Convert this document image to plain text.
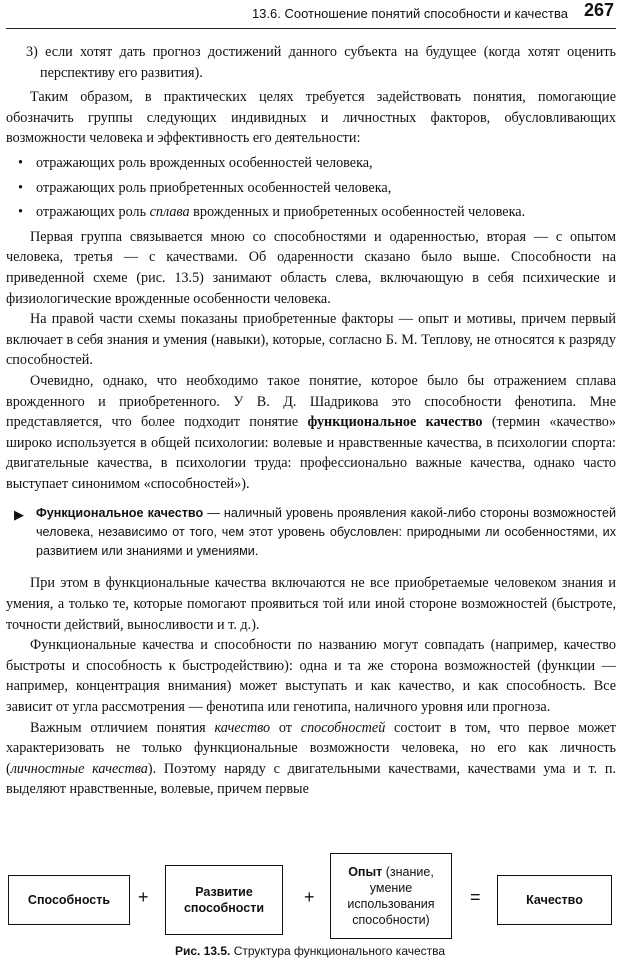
13.6. Соотношение понятий способности и качества 267

3) если хотят дать прогноз достижений данного субъекта на будущее (когда хотят оценить перспективу его развития).

Таким образом, в практических целях требуется задействовать понятия, помогающие обозначить группы следующих индивидных и личностных факторов, обусловливающих возможности человека и эффективность его деятельности:

• отражающих роль врожденных особенностей человека,
• отражающих роль приобретенных особенностей человека,
• отражающих роль сплава врожденных и приобретенных особенностей человека.

Первая группа связывается мною со способностями и одаренностью, вторая — с опытом человека, третья — с качествами. Об одаренности сказано было выше. Способности на приведенной схеме (рис. 13.5) занимают область слева, включающую в себя психические и физиологические врожденные особенности человека.

На правой части схемы показаны приобретенные факторы — опыт и мотивы, причем первый включает в себя знания и умения (навыки), которые, согласно Б. М. Теплову, не относятся к разряду способностей.

Очевидно, однако, что необходимо такое понятие, которое было бы отражением сплава врожденного и приобретенного. У В. Д. Шадрикова это способности фенотипа. Мне представляется, что более подходит понятие функциональное качество (термин «качество» широко используется в общей психологии: волевые и нравственные качества, в психологии спорта: двигательные качества, в психологии труда: профессионально важные качества, однако часто выступает синонимом «способностей»).

▶ Функциональное качество — наличный уровень проявления какой-либо стороны возможностей человека, независимо от того, чем этот уровень обусловлен: природными ли особенностями, их развитием или знаниями и умениями.

При этом в функциональные качества включаются не все приобретаемые человеком знания и умения, а только те, которые помогают проявиться той или иной стороне возможностей (быстроте, точности действий, выносливости и т. д.).

Функциональные качества и способности по названию могут совпадать (например, качество быстроты и способность к быстродействию): одна и та же сторона возможностей (функции — например, концентрация внимания) может выступать и как качество, и как способность. Все зависит от угла рассмотрения — фенотипа или генотипа, наличного уровня или прогноза.

Важным отличием понятия качество от способностей состоит в том, что первое может характеризовать не только функциональные возможности человека, но его как личность (личностные качества). Поэтому наряду с двигательными качествами, качествами ума и т. п. выделяют нравственные, волевые, причем первые

Способность +	Развитие способности
+
Опыт (знание, умение использования способности)
=	Качество
Рис. 13.5. Структура функционального качества
